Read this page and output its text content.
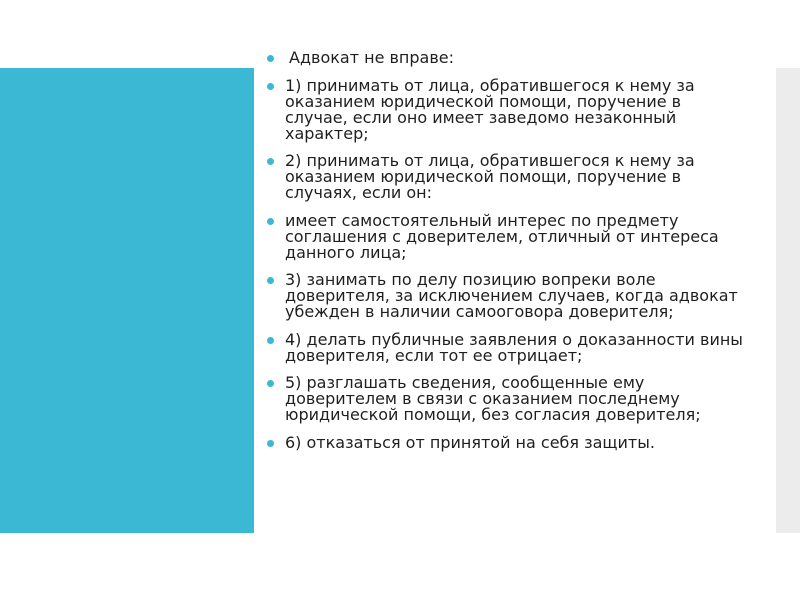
Адвокат не вправе:
1) принимать от лица, обратившегося к нему за оказанием юридической помощи, поручение в случае, если оно имеет заведомо незаконный характер;
2) принимать от лица, обратившегося к нему за оказанием юридической помощи, поручение в случаях, если он:
имеет самостоятельный интерес по предмету соглашения с доверителем, отличный от интереса данного лица;
3) занимать по делу позицию вопреки воле доверителя, за исключением случаев, когда адвокат убежден в наличии самооговора доверителя;
4) делать публичные заявления о доказанности вины доверителя, если тот ее отрицает;
5) разглашать сведения, сообщенные ему доверителем в связи с оказанием последнему юридической помощи, без согласия доверителя;
6) отказаться от принятой на себя защиты.
